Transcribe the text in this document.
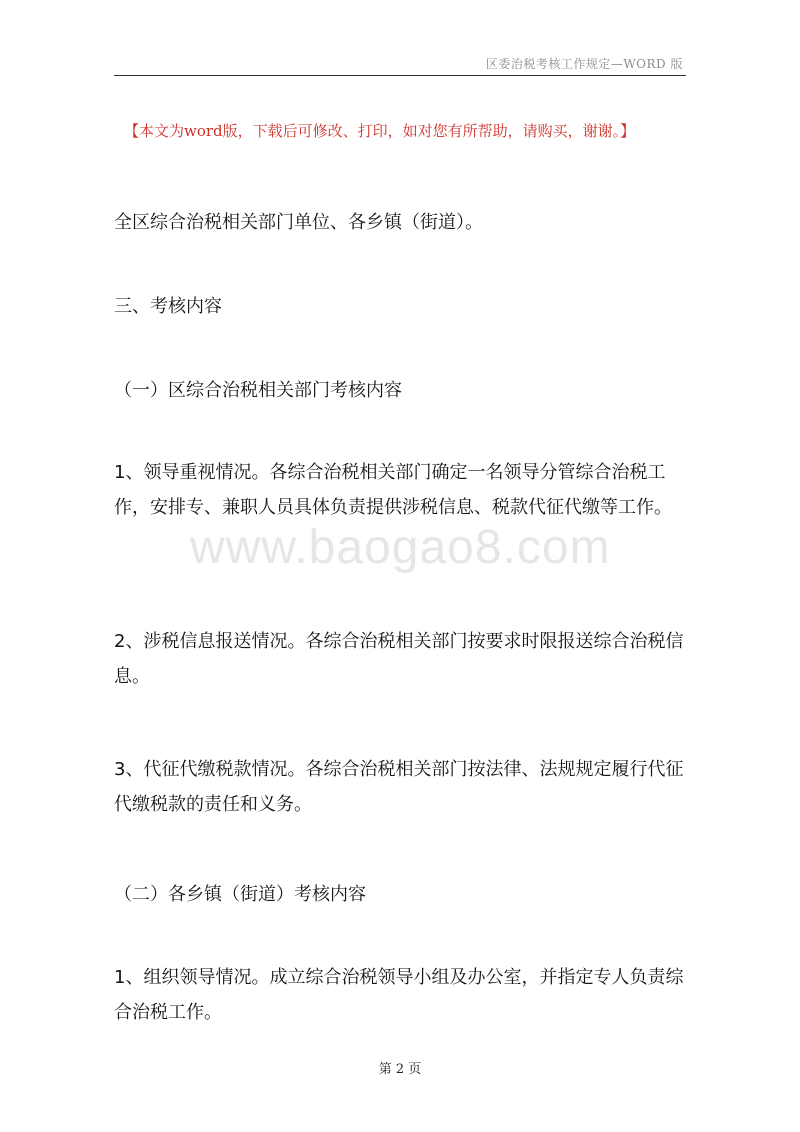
区委治税考核工作规定—WORD 版
【本文为word版，下载后可修改、打印，如对您有所帮助，请购买，谢谢。】
www.baogao8.com

全区综合治税相关部门单位、各乡镇（街道）。

三、考核内容

（一）区综合治税相关部门考核内容

1、领导重视情况。各综合治税相关部门确定一名领导分管综合治税工作，安排专、兼职人员具体负责提供涉税信息、税款代征代缴等工作。

2、涉税信息报送情况。各综合治税相关部门按要求时限报送综合治税信息。

3、代征代缴税款情况。各综合治税相关部门按法律、法规规定履行代征代缴税款的责任和义务。

（二）各乡镇（街道）考核内容

1、组织领导情况。成立综合治税领导小组及办公室，并指定专人负责综合治税工作。

第 2 页
